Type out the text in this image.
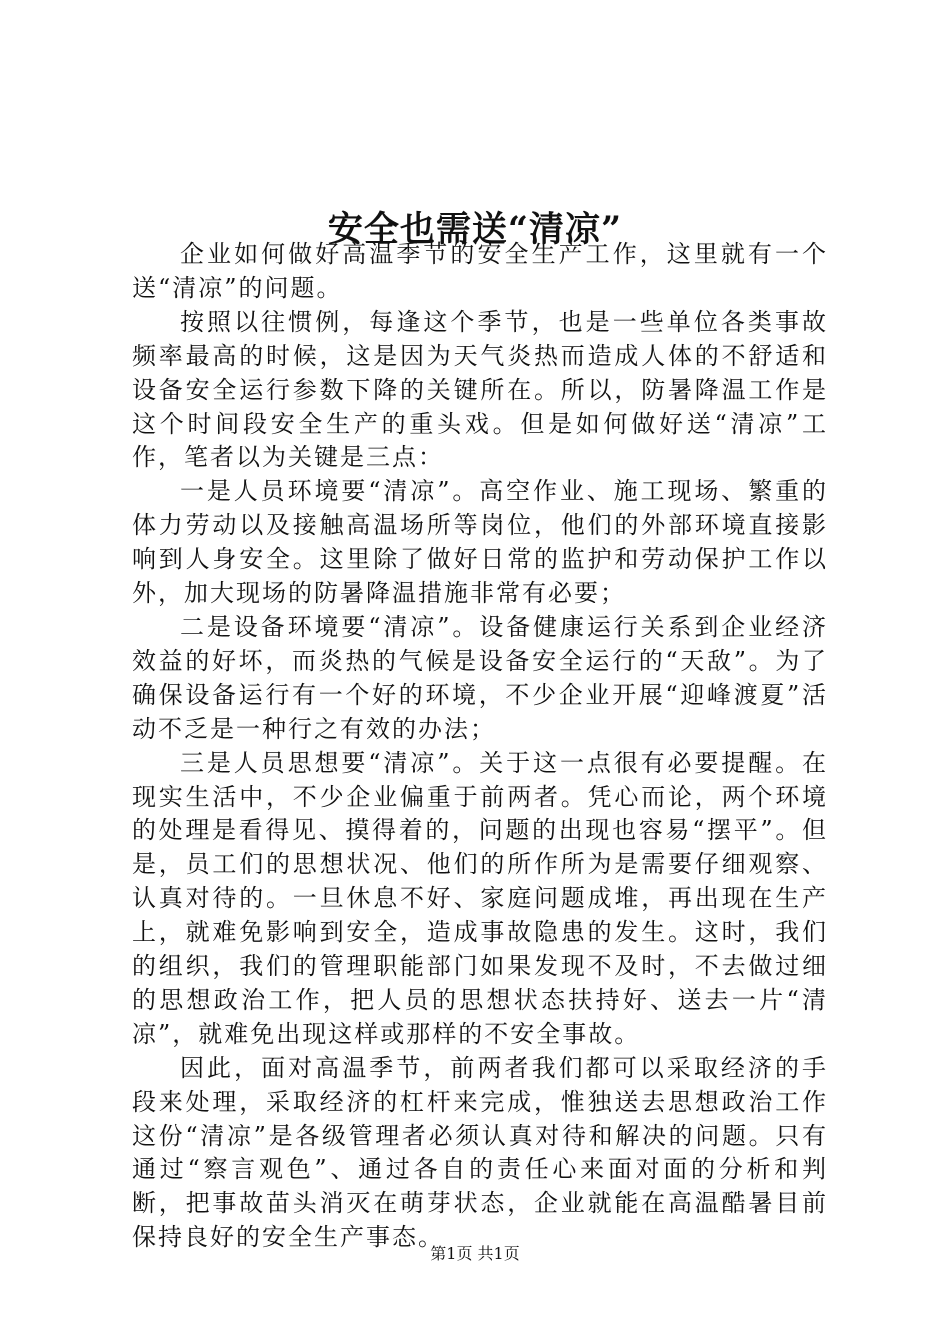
安全也需送“清凉”

企业如何做好高温季节的安全生产工作，这里就有一个送“清凉”的问题。

按照以往惯例，每逢这个季节，也是一些单位各类事故频率最高的时候，这是因为天气炎热而造成人体的不舒适和设备安全运行参数下降的关键所在。所以，防暑降温工作是这个时间段安全生产的重头戏。但是如何做好送“清凉”工作，笔者以为关键是三点：

一是人员环境要“清凉”。高空作业、施工现场、繁重的体力劳动以及接触高温场所等岗位，他们的外部环境直接影响到人身安全。这里除了做好日常的监护和劳动保护工作以外，加大现场的防暑降温措施非常有必要；

二是设备环境要“清凉”。设备健康运行关系到企业经济效益的好坏，而炎热的气候是设备安全运行的“天敌”。为了确保设备运行有一个好的环境，不少企业开展“迎峰渡夏”活动不乏是一种行之有效的办法；

三是人员思想要“清凉”。关于这一点很有必要提醒。在现实生活中，不少企业偏重于前两者。凭心而论，两个环境的处理是看得见、摸得着的，问题的出现也容易“摆平”。但是，员工们的思想状况、他们的所作所为是需要仔细观察、认真对待的。一旦休息不好、家庭问题成堆，再出现在生产上，就难免影响到安全，造成事故隐患的发生。这时，我们的组织，我们的管理职能部门如果发现不及时，不去做过细的思想政治工作，把人员的思想状态扶持好、送去一片“清凉”，就难免出现这样或那样的不安全事故。

因此，面对高温季节，前两者我们都可以采取经济的手段来处理，采取经济的杠杆来完成，惟独送去思想政治工作这份“清凉”是各级管理者必须认真对待和解决的问题。只有通过“察言观色”、通过各自的责任心来面对面的分析和判断，把事故苗头消灭在萌芽状态，企业就能在高温酷暑目前保持良好的安全生产事态。

第1页 共1页
